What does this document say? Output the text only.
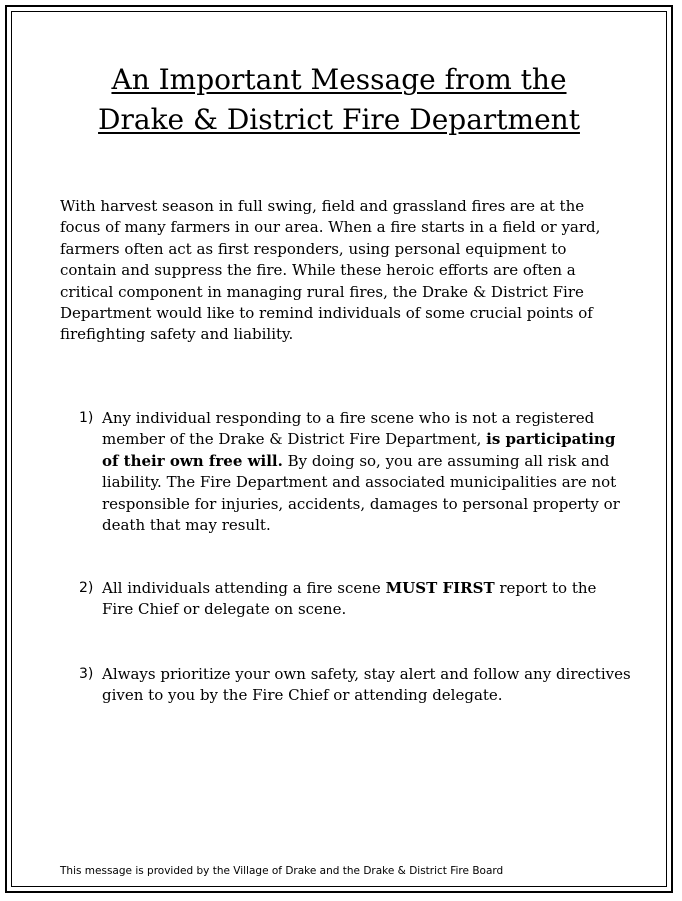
An Important Message from the
Drake & District Fire Department

With harvest season in full swing, field and grassland fires are at the focus of many farmers in our area. When a fire starts in a field or yard, farmers often act as first responders, using personal equipment to contain and suppress the fire. While these heroic efforts are often a critical component in managing rural fires, the Drake & District Fire Department would like to remind individuals of some crucial points of firefighting safety and liability.

1) Any individual responding to a fire scene who is not a registered member of the Drake & District Fire Department, is participating of their own free will. By doing so, you are assuming all risk and liability. The Fire Department and associated municipalities are not responsible for injuries, accidents, damages to personal property or death that may result.
2) All individuals attending a fire scene MUST FIRST report to the Fire Chief or delegate on scene.
3) Always prioritize your own safety, stay alert and follow any directives given to you by the Fire Chief or attending delegate.
This message is provided by the Village of Drake and the Drake & District Fire Board
